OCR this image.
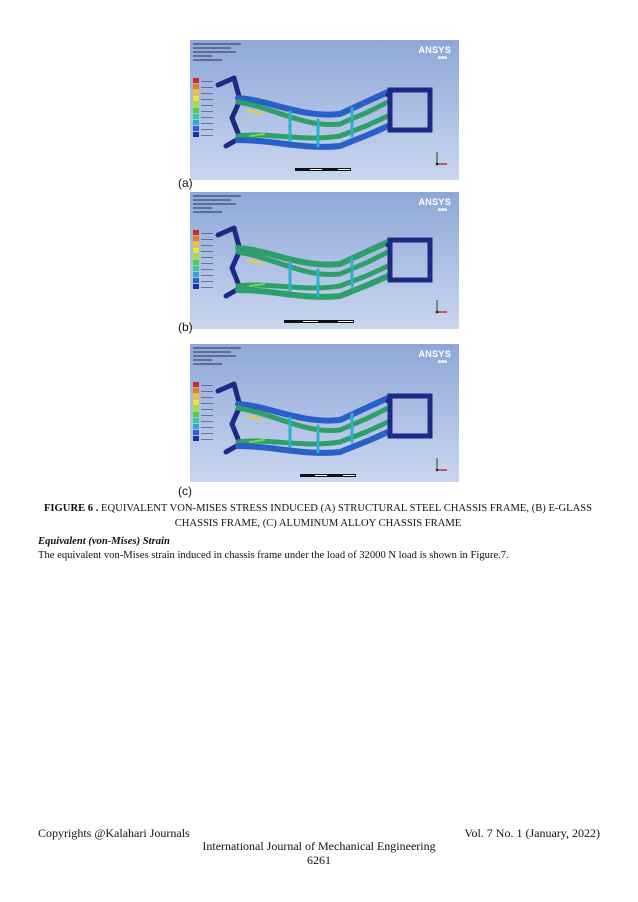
ANSYS
■■■
(a)
ANSYS
■■■
(b)
ANSYS
■■■
(c)
FIGURE 6 . EQUIVALENT VON-MISES STRESS INDUCED (A) STRUCTURAL STEEL CHASSIS FRAME, (B) E-GLASS CHASSIS FRAME, (C) ALUMINUM ALLOY CHASSIS FRAME
Equivalent (von-Mises) Strain
The equivalent von-Mises strain induced in chassis frame under the load of 32000 N load is shown in Figure.7.
Copyrights @Kalahari Journals	Vol. 7 No. 1 (January, 2022)
International Journal of Mechanical Engineering
6261
